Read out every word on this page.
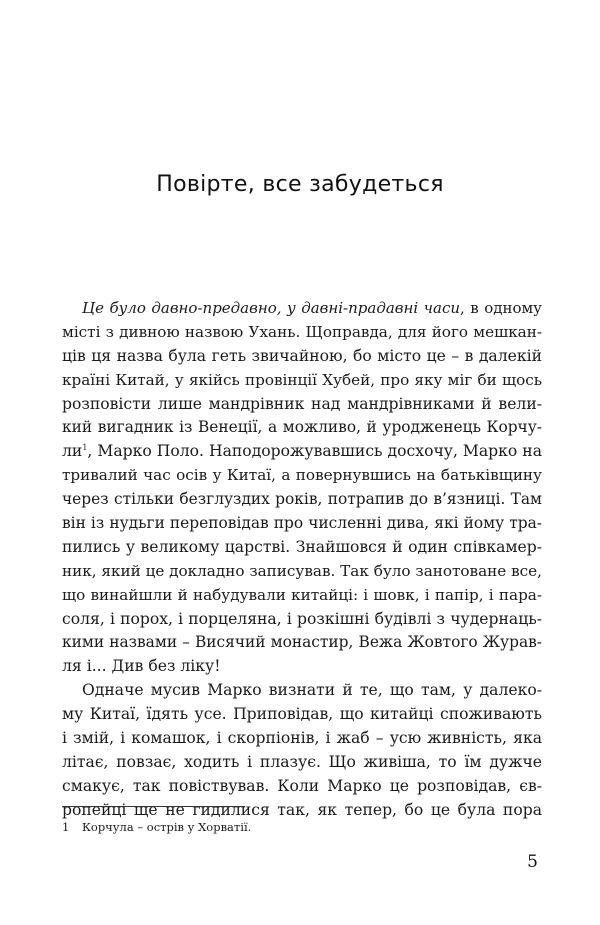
Повірте, все забудеться
Це було давно-предавно, у давні-прадавні часи, в одному
місті з дивною назвою Ухань. Щоправда, для його мешкан-
ців ця назва була геть звичайною, бо місто це – в далекій
країні Китай, у якійсь провінції Хубей, про яку міг би щось
розповісти лише мандрівник над мандрівниками й вели-
кий вигадник із Венеції, а можливо, й уродженець Корчу-
$ли^1$, Марко Поло. Наподорожувавшись досхочу, Марко на
тривалий час осів у Китаї, а повернувшись на батьківщину
через стільки безглуздих років, потрапив до в’язниці. Там
він із нудьги переповідав про численні дива, які йому тра-
пились у великому царстві. Знайшовся й один співкамер-
ник, який це докладно записував. Так було занотоване все,
що винайшли й набудували китайці: і шовк, і папір, і пара-
соля, і порох, і порцеляна, і розкішні будівлі з чудернаць-
кими назвами – Висячий монастир, Вежа Жовтого Журав-
ля і... Див без ліку!
Одначе мусив Марко визнати й те, що там, у далеко-
му Китаї, їдять усе. Приповідав, що китайці споживають
і змій, і комашок, і скорпіонів, і жаб – усю живність, яка
літає, повзає, ходить і плазує. Що живіша, то їм дужче
смакує, так повіствував. Коли Марко це розповідав, єв-
ропейці ще не гидилися так, як тепер, бо це була пора
1 Корчула – острів у Хорватії.
5
